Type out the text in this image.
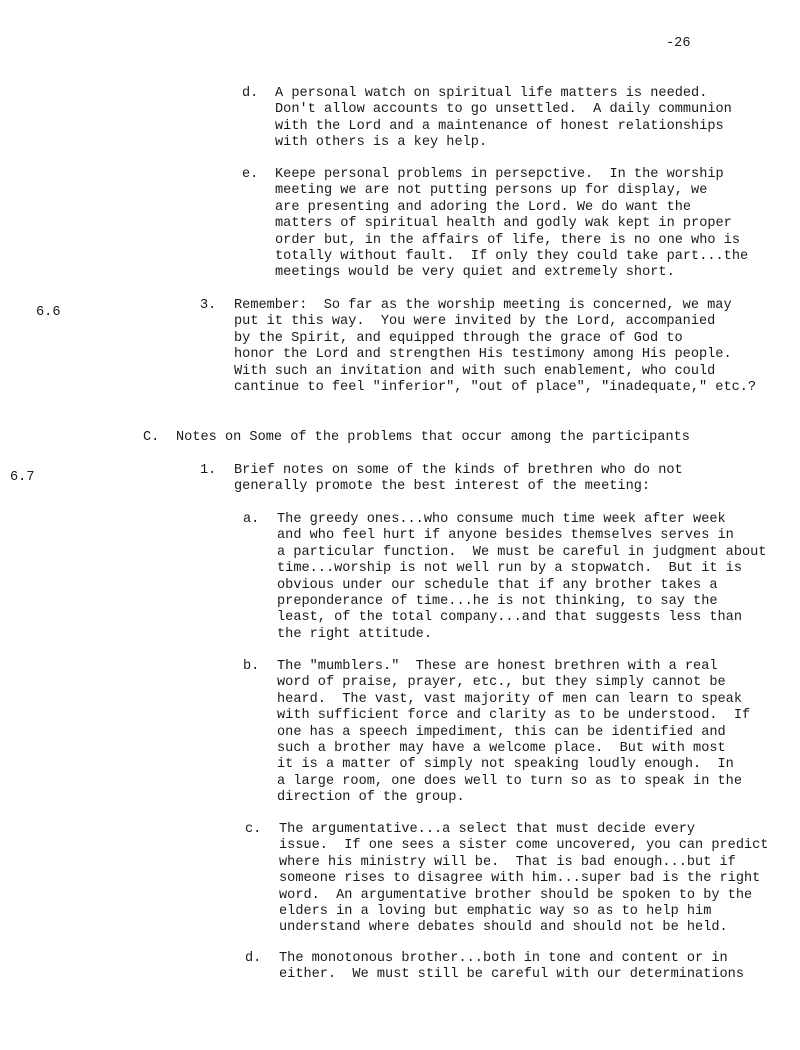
-26
6.6
6.7
d. A personal watch on spiritual life matters is needed.
Don't allow accounts to go unsettled.  A daily communion
with the Lord and a maintenance of honest relationships
with others is a key help.
e. Keepe personal problems in persepctive.  In the worship
meeting we are not putting persons up for display, we
are presenting and adoring the Lord. We do want the
matters of spiritual health and godly wak kept in proper
order but, in the affairs of life, there is no one who is
totally without fault.  If only they could take part...the
meetings would be very quiet and extremely short.
3. Remember:  So far as the worship meeting is concerned, we may
put it this way.  You were invited by the Lord, accompanied
by the Spirit, and equipped through the grace of God to
honor the Lord and strengthen His testimony among His people.
With such an invitation and with such enablement, who could
cantinue to feel "inferior", "out of place", "inadequate," etc.?
C. Notes on Some of the problems that occur among the participants
1. Brief notes on some of the kinds of brethren who do not
generally promote the best interest of the meeting:
a. The greedy ones...who consume much time week after week
and who feel hurt if anyone besides themselves serves in
a particular function.  We must be careful in judgment about
time...worship is not well run by a stopwatch.  But it is
obvious under our schedule that if any brother takes a
preponderance of time...he is not thinking, to say the
least, of the total company...and that suggests less than
the right attitude.
b. The "mumblers."  These are honest brethren with a real
word of praise, prayer, etc., but they simply cannot be
heard.  The vast, vast majority of men can learn to speak
with sufficient force and clarity as to be understood.  If
one has a speech impediment, this can be identified and
such a brother may have a welcome place.  But with most
it is a matter of simply not speaking loudly enough.  In
a large room, one does well to turn so as to speak in the
direction of the group.
c. The argumentative...a select that must decide every
issue.  If one sees a sister come uncovered, you can predict
where his ministry will be.  That is bad enough...but if
someone rises to disagree with him...super bad is the right
word.  An argumentative brother should be spoken to by the
elders in a loving but emphatic way so as to help him
understand where debates should and should not be held.
d. The monotonous brother...both in tone and content or in
either.  We must still be careful with our determinations
